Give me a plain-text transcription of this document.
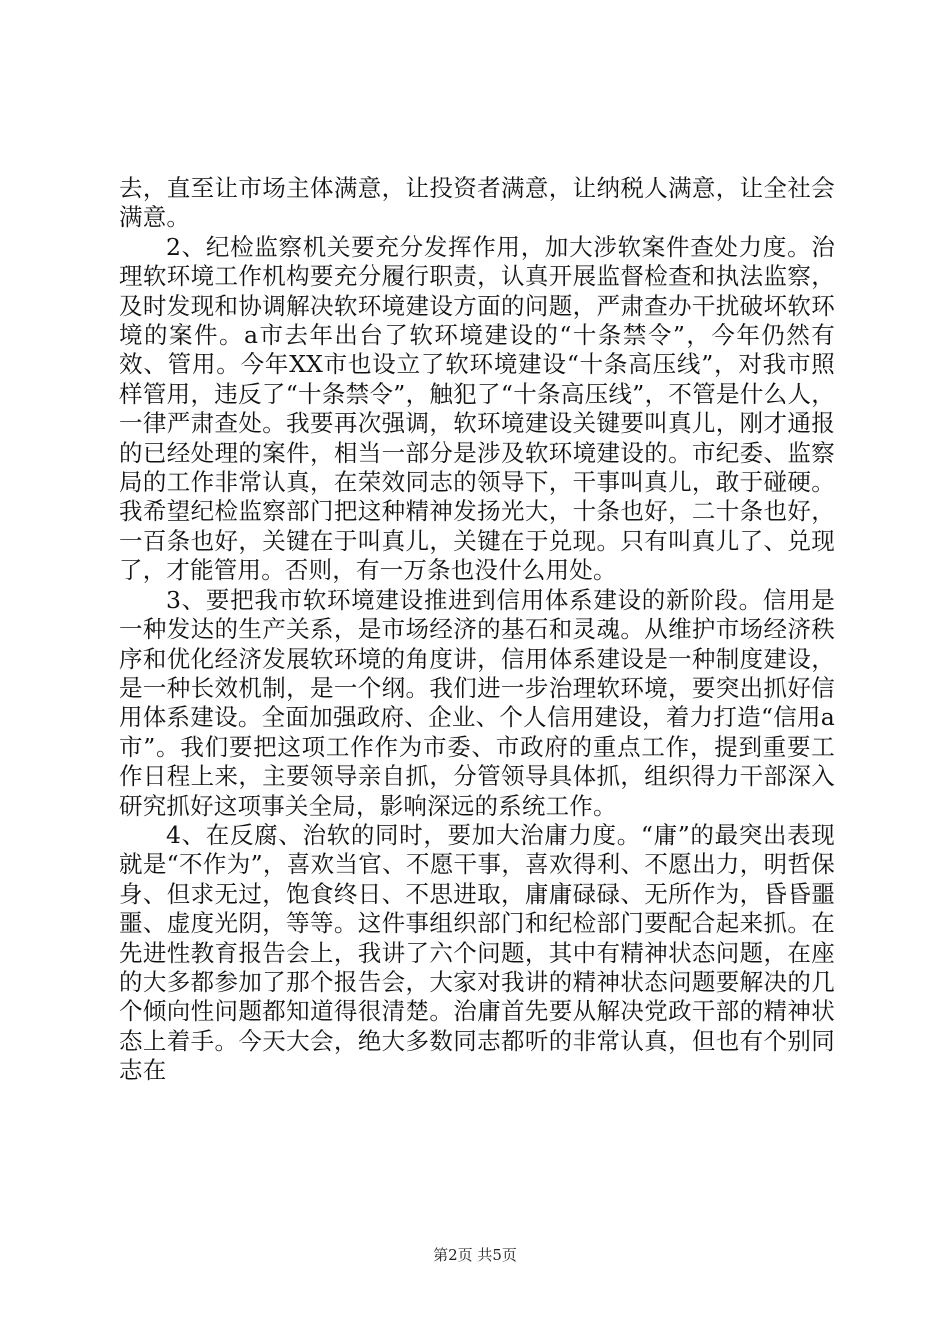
去，直至让市场主体满意，让投资者满意，让纳税人满意，让全社会满意。

2、纪检监察机关要充分发挥作用，加大涉软案件查处力度。治理软环境工作机构要充分履行职责，认真开展监督检查和执法监察，及时发现和协调解决软环境建设方面的问题，严肃查办干扰破坏软环境的案件。a市去年出台了软环境建设的“十条禁令”，今年仍然有效、管用。今年XX市也设立了软环境建设“十条高压线”，对我市照样管用，违反了“十条禁令”，触犯了“十条高压线”，不管是什么人，一律严肃查处。我要再次强调，软环境建设关键要叫真儿，刚才通报的已经处理的案件，相当一部分是涉及软环境建设的。市纪委、监察局的工作非常认真，在荣效同志的领导下，干事叫真儿，敢于碰硬。我希望纪检监察部门把这种精神发扬光大，十条也好，二十条也好，一百条也好，关键在于叫真儿，关键在于兑现。只有叫真儿了、兑现了，才能管用。否则，有一万条也没什么用处。

3、要把我市软环境建设推进到信用体系建设的新阶段。信用是一种发达的生产关系，是市场经济的基石和灵魂。从维护市场经济秩序和优化经济发展软环境的角度讲，信用体系建设是一种制度建设，是一种长效机制，是一个纲。我们进一步治理软环境，要突出抓好信用体系建设。全面加强政府、企业、个人信用建设，着力打造“信用a市”。我们要把这项工作作为市委、市政府的重点工作，提到重要工作日程上来，主要领导亲自抓，分管领导具体抓，组织得力干部深入研究抓好这项事关全局，影响深远的系统工作。

4、在反腐、治软的同时，要加大治庸力度。“庸”的最突出表现就是“不作为”，喜欢当官、不愿干事，喜欢得利、不愿出力，明哲保身、但求无过，饱食终日、不思进取，庸庸碌碌、无所作为，昏昏噩噩、虚度光阴，等等。这件事组织部门和纪检部门要配合起来抓。在先进性教育报告会上，我讲了六个问题，其中有精神状态问题，在座的大多都参加了那个报告会，大家对我讲的精神状态问题要解决的几个倾向性问题都知道得很清楚。治庸首先要从解决党政干部的精神状态上着手。今天大会，绝大多数同志都听的非常认真，但也有个别同志在

第2页 共5页
